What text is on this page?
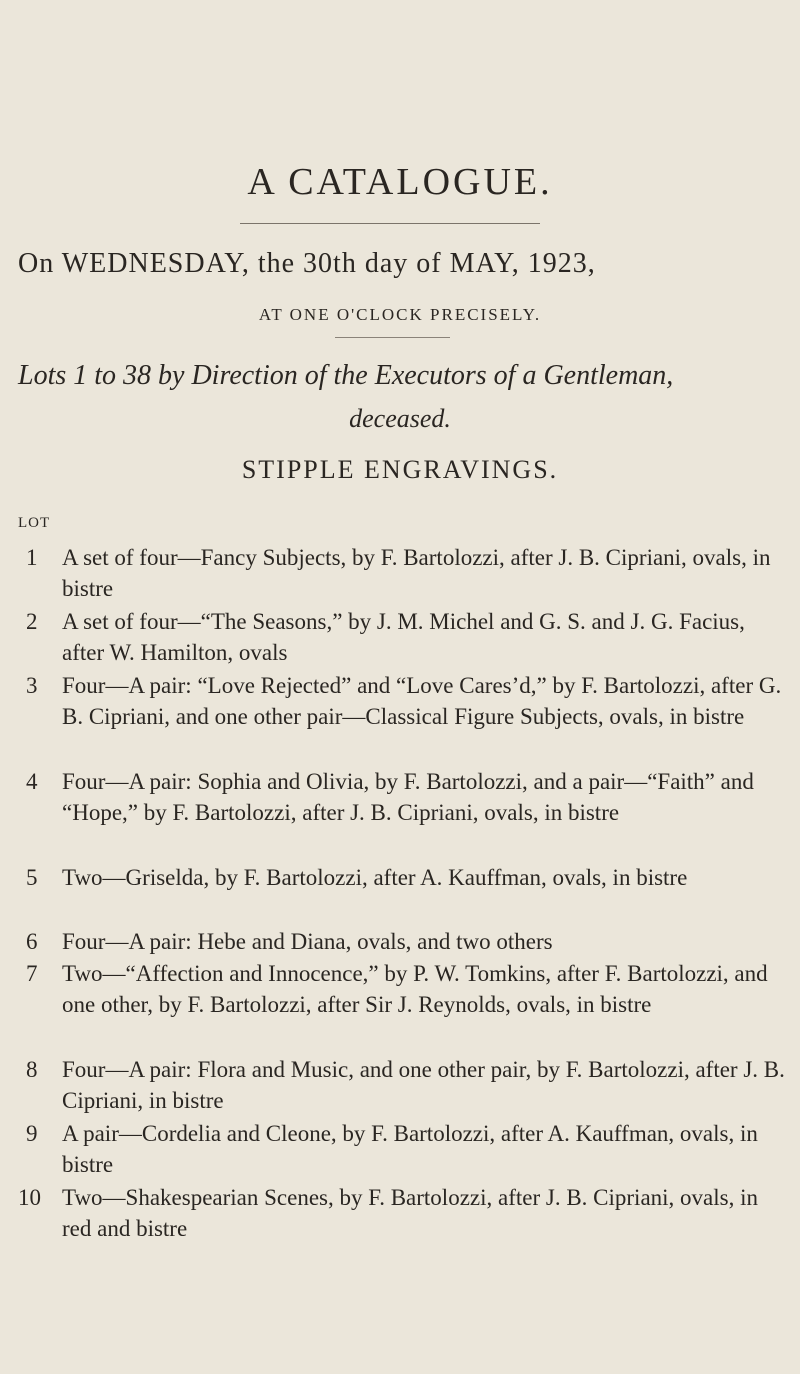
A CATALOGUE.
On WEDNESDAY, the 30th day of MAY, 1923,
AT ONE O'CLOCK PRECISELY.
Lots 1 to 38 by Direction of the Executors of a Gentleman,
deceased.
STIPPLE ENGRAVINGS.
LOT
1	A set of four—Fancy Subjects, by F. Bartolozzi, after J. B. Cipriani, ovals, in bistre
2	A set of four—“The Seasons,” by J. M. Michel and G. S. and J. G. Facius, after W. Hamilton, ovals
3	Four—A pair: “Love Rejected” and “Love Cares’d,” by F. Bartolozzi, after G. B. Cipriani, and one other pair—Classical Figure Subjects, ovals, in bistre
4	Four—A pair: Sophia and Olivia, by F. Bartolozzi, and a pair—“Faith” and “Hope,” by F. Bartolozzi, after J. B. Cipriani, ovals, in bistre
5	Two—Griselda, by F. Bartolozzi, after A. Kauffman, ovals, in bistre
6	Four—A pair: Hebe and Diana, ovals, and two others
7	Two—“Affection and Innocence,” by P. W. Tomkins, after F. Bartolozzi, and one other, by F. Bartolozzi, after Sir J. Reynolds, ovals, in bistre
8	Four—A pair: Flora and Music, and one other pair, by F. Bartolozzi, after J. B. Cipriani, in bistre
9	A pair—Cordelia and Cleone, by F. Bartolozzi, after A. Kauffman, ovals, in bistre
10 Two—Shakespearian Scenes, by F. Bartolozzi, after J. B. Cipriani, ovals, in red and bistre
